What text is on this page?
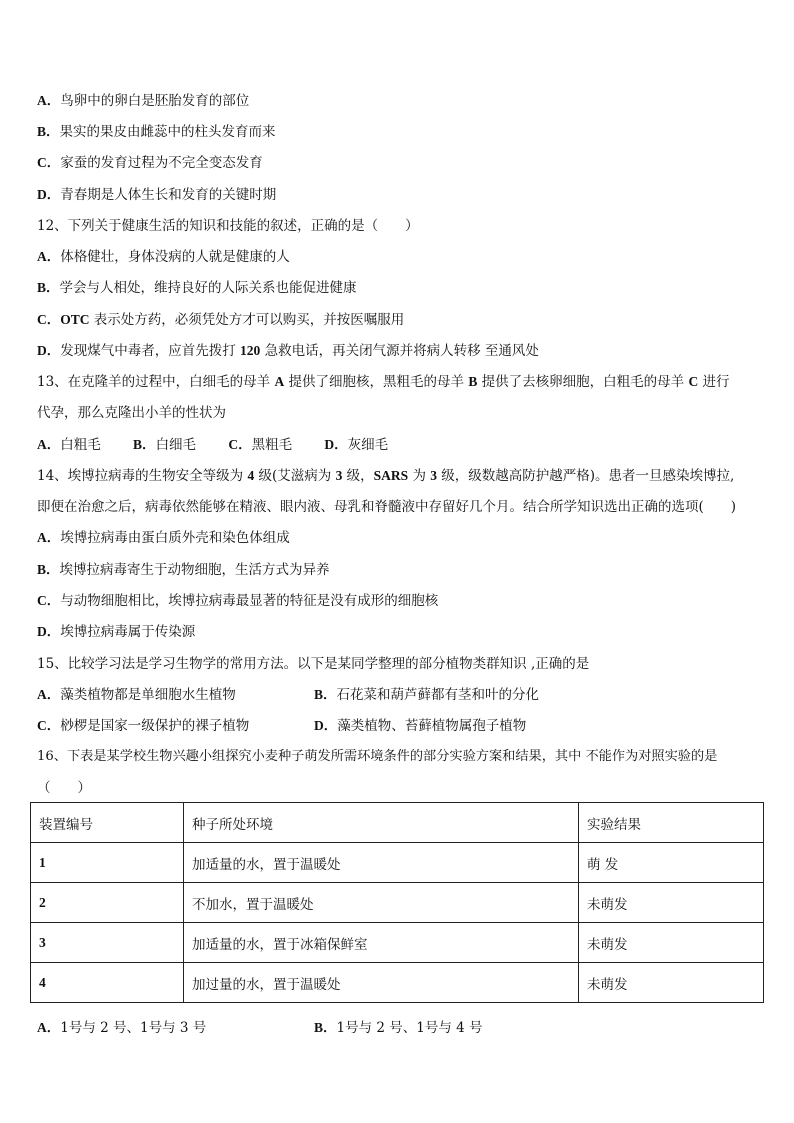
A．鸟卵中的卵白是胚胎发育的部位
B．果实的果皮由雌蕊中的柱头发育而来
C．家蚕的发育过程为不完全变态发育
D．青春期是人体生长和发育的关键时期
12、下列关于健康生活的知识和技能的叙述，正确的是（　　）
A．体格健壮，身体没病的人就是健康的人
B．学会与人相处，维持良好的人际关系也能促进健康
C．OTC 表示处方药，必须凭处方才可以购买，并按医嘱服用
D．发现煤气中毒者，应首先拨打 120 急救电话，再关闭气源并将病人转移 至通风处
13、在克隆羊的过程中，白细毛的母羊 A 提供了细胞核，黑粗毛的母羊 B 提供了去核卵细胞，白粗毛的母羊 C 进行
代孕，那么克隆出小羊的性状为
A．白粗毛 B．白细毛 C．黑粗毛 D．灰细毛
14、埃博拉病毒的生物安全等级为 4 级(艾滋病为 3 级，SARS 为 3 级，级数越高防护越严格)。患者一旦感染埃博拉,
即便在治愈之后，病毒依然能够在精液、眼内液、母乳和脊髓液中存留好几个月。结合所学知识选出正确的选项(　　)
A．埃博拉病毒由蛋白质外壳和染色体组成
B．埃博拉病毒寄生于动物细胞，生活方式为异养
C．与动物细胞相比，埃博拉病毒最显著的特征是没有成形的细胞核
D．埃博拉病毒属于传染源
15、比较学习法是学习生物学的常用方法。以下是某同学整理的部分植物类群知识 ,正确的是
A．藻类植物都是单细胞水生植物	B．石花菜和葫芦藓都有茎和叶的分化
C．桫椤是国家一级保护的裸子植物	D．藻类植物、苔藓植物属孢子植物
16、下表是某学校生物兴趣小组探究小麦种子萌发所需环境条件的部分实验方案和结果，其中 不能作为对照实验的是
（　　）
装置编号	种子所处环境	实验结果
1	加适量的水，置于温暖处	萌 发
2	不加水，置于温暖处	未萌发
3	加适量的水，置于冰箱保鲜室	未萌发
4	加过量的水，置于温暖处	未萌发
A．1号与 2 号、1号与 3 号	B．1号与 2 号、1号与 4 号
